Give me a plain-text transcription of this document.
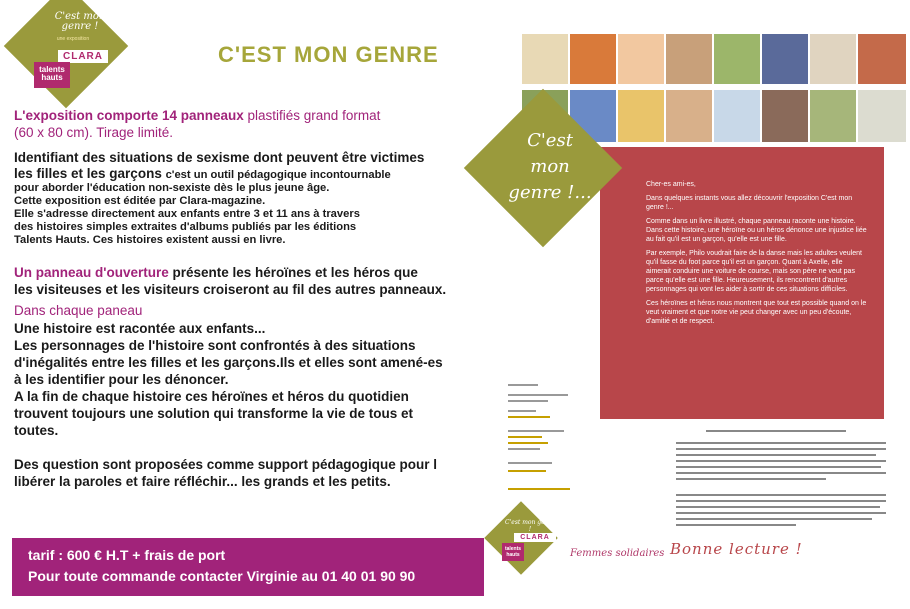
C'est mon genre !
une exposition
CLARA
talents hauts
C'EST MON GENRE
L'exposition comporte 14 panneaux plastifiés grand format
(60 x 80 cm). Tirage limité.
Identifiant des situations de sexisme dont peuvent être victimes
les filles et les garçons c'est un outil pédagogique incontournable
pour aborder l'éducation non-sexiste dès le plus jeune âge.
Cette exposition est éditée par Clara-magazine.
Elle s'adresse directement aux enfants entre 3 et 11 ans à travers
des histoires simples extraites d'albums publiés par les éditions
Talents Hauts. Ces histoires existent aussi en livre.
Un panneau d'ouverture présente les héroïnes et les héros que
les visiteuses et les visiteurs croiseront au fil des autres panneaux.
Dans chaque paneau
Une histoire est racontée aux enfants...
Les personnages de l'histoire sont confrontés à des situations
d'inégalités entre les filles et les garçons.Ils et elles sont amené-es
à les identifier pour les dénoncer.
A la fin de chaque histoire ces héroïnes et héros du quotidien
trouvent toujours une solution qui transforme la vie de tous et
toutes.
Des question sont proposées comme support pédagogique pour l
libérer la paroles et faire réfléchir... les grands et les petits.
tarif : 600 € H.T + frais de port
Pour toute commande contacter Virginie au 01 40 01 90 90
C'est
mon
genre !...	Cher-es ami-es,

Dans quelques instants vous allez découvrir l'exposition C'est mon genre !...

Comme dans un livre illustré, chaque panneau raconte une histoire. Dans cette histoire, une héroïne ou un héros dénonce une injustice liée au fait qu'il est un garçon, qu'elle est une fille.

Par exemple, Philo voudrait faire de la danse mais les adultes veulent qu'il fasse du foot parce qu'il est un garçon. Quant à Axelle, elle aimerait conduire une voiture de course, mais son père ne veut pas parce qu'elle est une fille. Heureusement, ils rencontrent d'autres personnages qui vont les aider à sortir de ces situations difficiles.

Ces héroïnes et héros nous montrent que tout est possible quand on le veut vraiment et que notre vie peut changer avec un peu d'écoute, d'amitié et de respect.

C'est mon genre !
CLARA
talents hauts	Femmes solidaires Bonne lecture !
